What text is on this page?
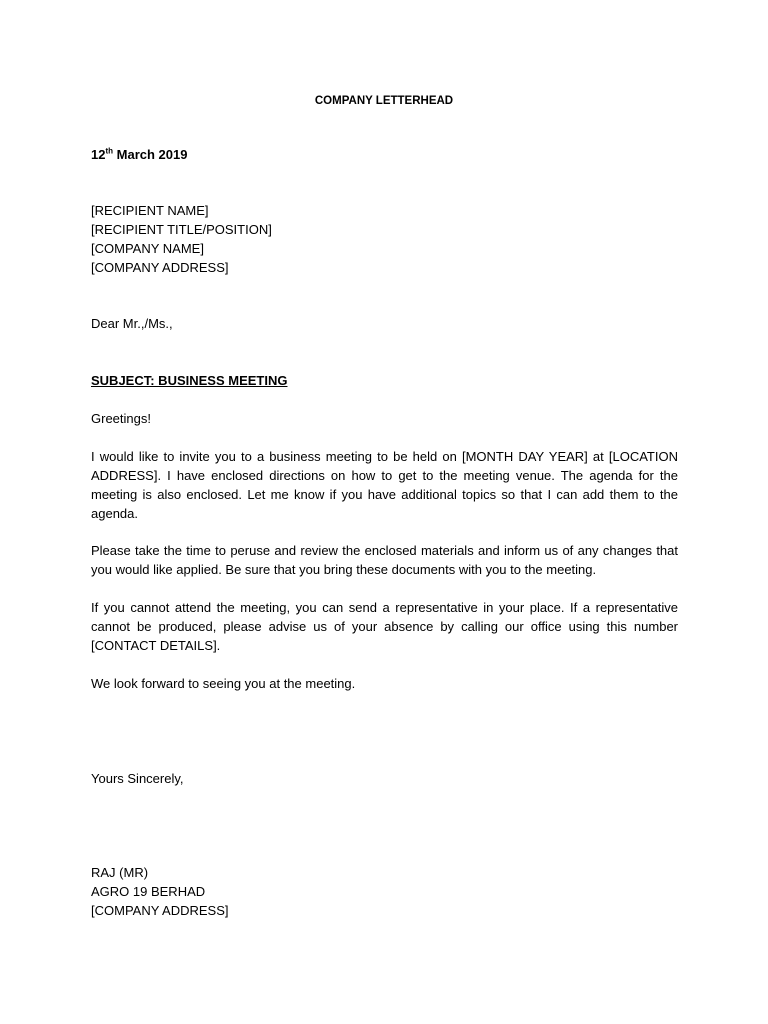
COMPANY LETTERHEAD

12th March 2019

[RECIPIENT NAME]
[RECIPIENT TITLE/POSITION]
[COMPANY NAME]
[COMPANY ADDRESS]

Dear Mr.,/Ms.,

SUBJECT: BUSINESS MEETING

Greetings!

I would like to invite you to a business meeting to be held on [MONTH DAY YEAR] at [LOCATION ADDRESS]. I have enclosed directions on how to get to the meeting venue. The agenda for the meeting is also enclosed. Let me know if you have additional topics so that I can add them to the agenda.

Please take the time to peruse and review the enclosed materials and inform us of any changes that you would like applied. Be sure that you bring these documents with you to the meeting.

If you cannot attend the meeting, you can send a representative in your place. If a representative cannot be produced, please advise us of your absence by calling our office using this number [CONTACT DETAILS].

We look forward to seeing you at the meeting.

Yours Sincerely,

RAJ (MR)
AGRO 19 BERHAD
[COMPANY ADDRESS]
